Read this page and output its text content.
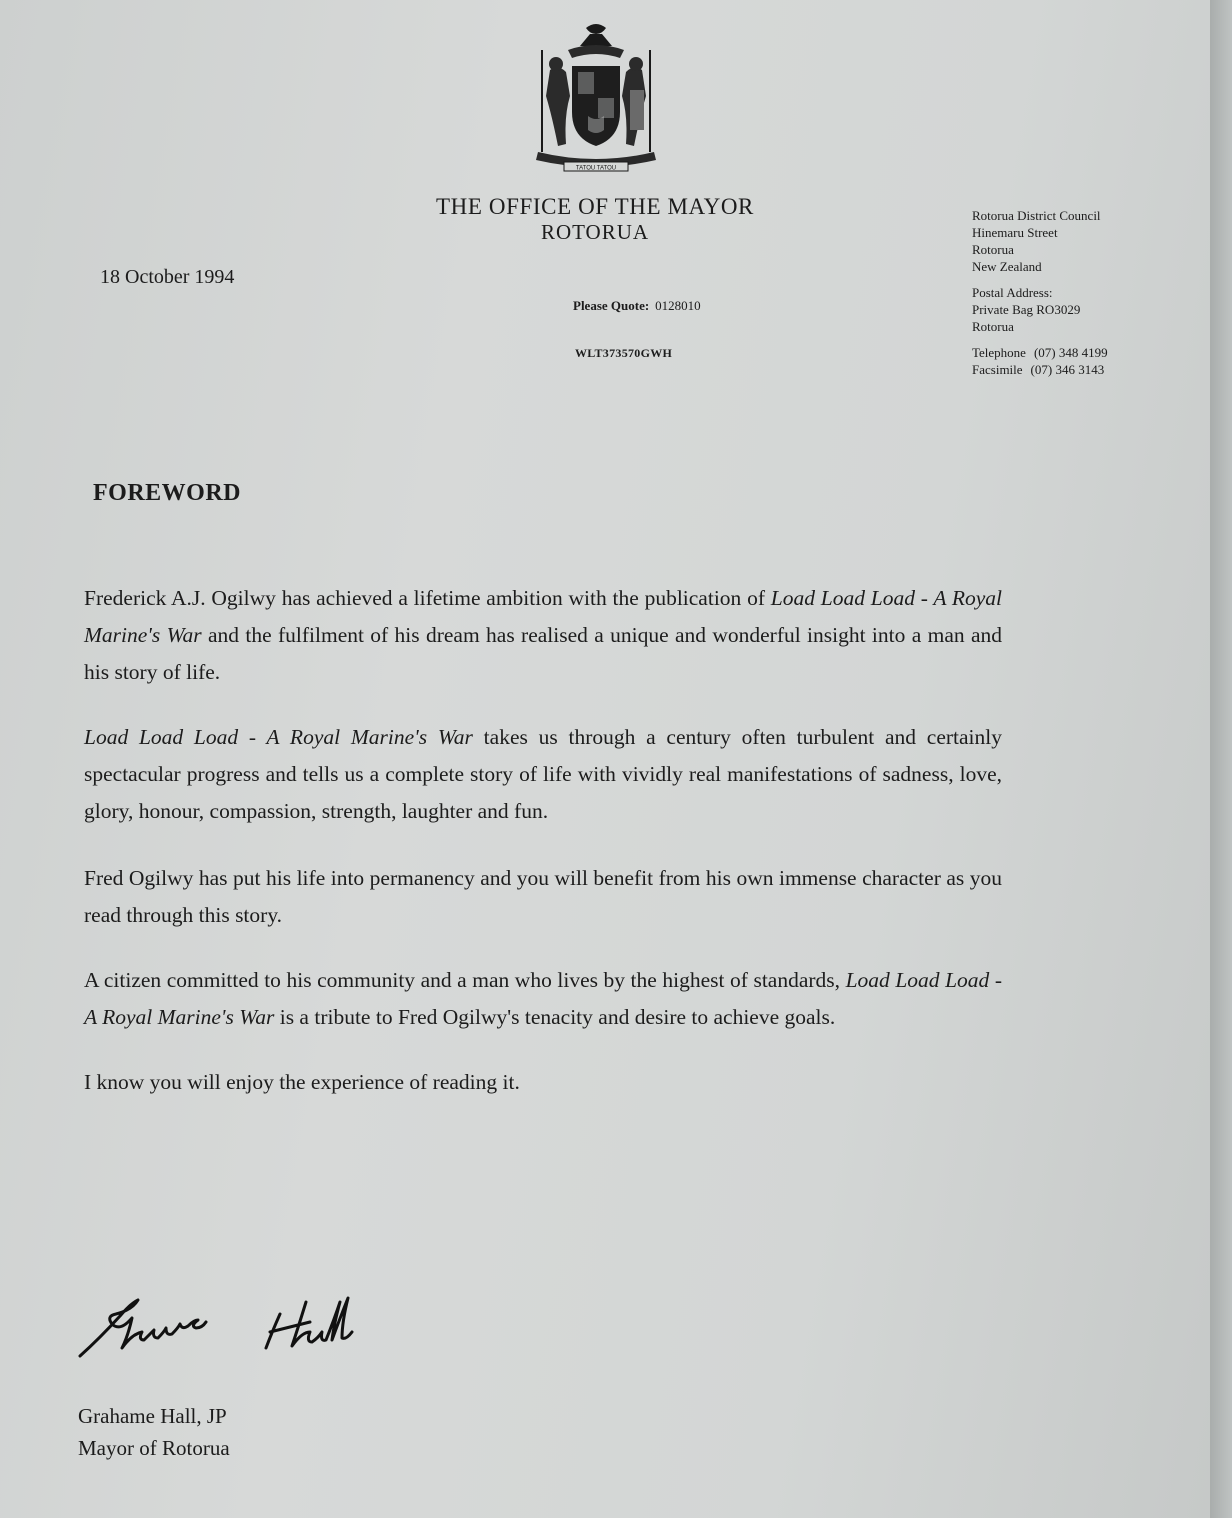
TATOU TATOU
THE OFFICE OF THE MAYOR
ROTORUA
Rotorua District Council
Hinemaru Street
Rotorua
New Zealand
Postal Address:
Private Bag RO3029
Rotorua
Telephone (07) 348 4199
Facsimile (07) 346 3143
18 October 1994
Please Quote: 0128010
WLT373570GWH
FOREWORD

Frederick A.J. Ogilwy has achieved a lifetime ambition with the publication of Load Load Load - A Royal Marine's War and the fulfilment of his dream has realised a unique and wonderful insight into a man and his story of life.

Load Load Load - A Royal Marine's War takes us through a century often turbulent and certainly spectacular progress and tells us a complete story of life with vividly real manifestations of sadness, love, glory, honour, compassion, strength, laughter and fun.

Fred Ogilwy has put his life into permanency and you will benefit from his own immense character as you read through this story.

A citizen committed to his community and a man who lives by the highest of standards, Load Load Load - A Royal Marine's War is a tribute to Fred Ogilwy's tenacity and desire to achieve goals.

I know you will enjoy the experience of reading it.

Grahame Hall, JP
Mayor of Rotorua
